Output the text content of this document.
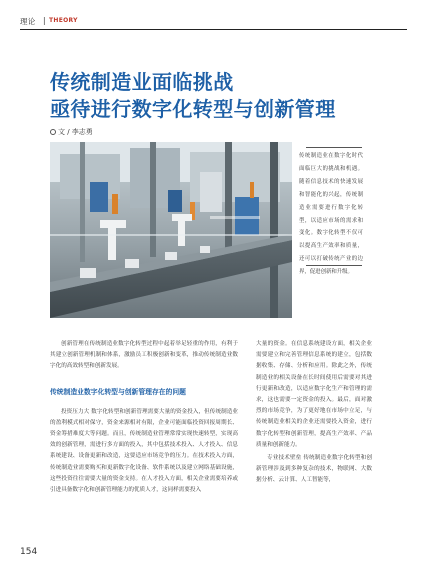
理论 | THEORY
传统制造业面临挑战
亟待进行数字化转型与创新管理
文 / 李志勇
传统制造业在数字化时代面临巨大的挑战和机遇。随着信息技术的快速发展和智能化的兴起，传统制造业需要进行数字化转型，以适应市场的需求和变化。数字化转型不仅可以提高生产效率和质量，还可以打破传统产业的边界，促进创新和升级。

创新管理在传统制造业数字化转型过程中起着举足轻重的作用，有利于其建立创新管理机制和体系，激励员工积极创新和变革，推动传统制造业数字化的高效转型和创新发展。

传统制造业数字化转型与创新管理存在的问题

投资压力大 数字化转型和创新管理需要大量的资金投入，但传统制造业的盈利模式相对保守，资金来源相对有限，企业可能面临投资回报周期长、资金筹措难度大等问题。而且，传统制造业管理常常实现快速转型，实现高效的创新管理，需进行多方面的投入，其中包括技术投入、人才投入、信息系统建设、设备更新和改造，这要适应市场竞争的压力。在技术投入方面，传统制造业需要购买和更新数字化设备、软件系统以及建立网络基础设施，这些投资往往需要大量的资金支持。在人才投入方面，相关企业需要培养或引进具备数字化和创新管理能力的优质人才，这同样需要投入

大量的资金。在信息系统建设方面，相关企业需要建立和完善管理信息系统的建立，包括数据收集、存储、分析和应用。除此之外，传统制造业的相关设备在长时间使用后需要对其进行更新和改造，以适应数字化生产和管理的需求，这也需要一定资金的投入。最后，面对激烈的市场竞争，为了更好地在市场中立足，与传统制造业相关的企业还需要投入资金，进行数字化转型和创新管理，提高生产效率、产品质量和创新能力。

专业技术壁垒 传统制造业数字化转型和创新管理涉及到多种复杂的技术，物联网、大数据分析、云计算、人工智能等，

154
